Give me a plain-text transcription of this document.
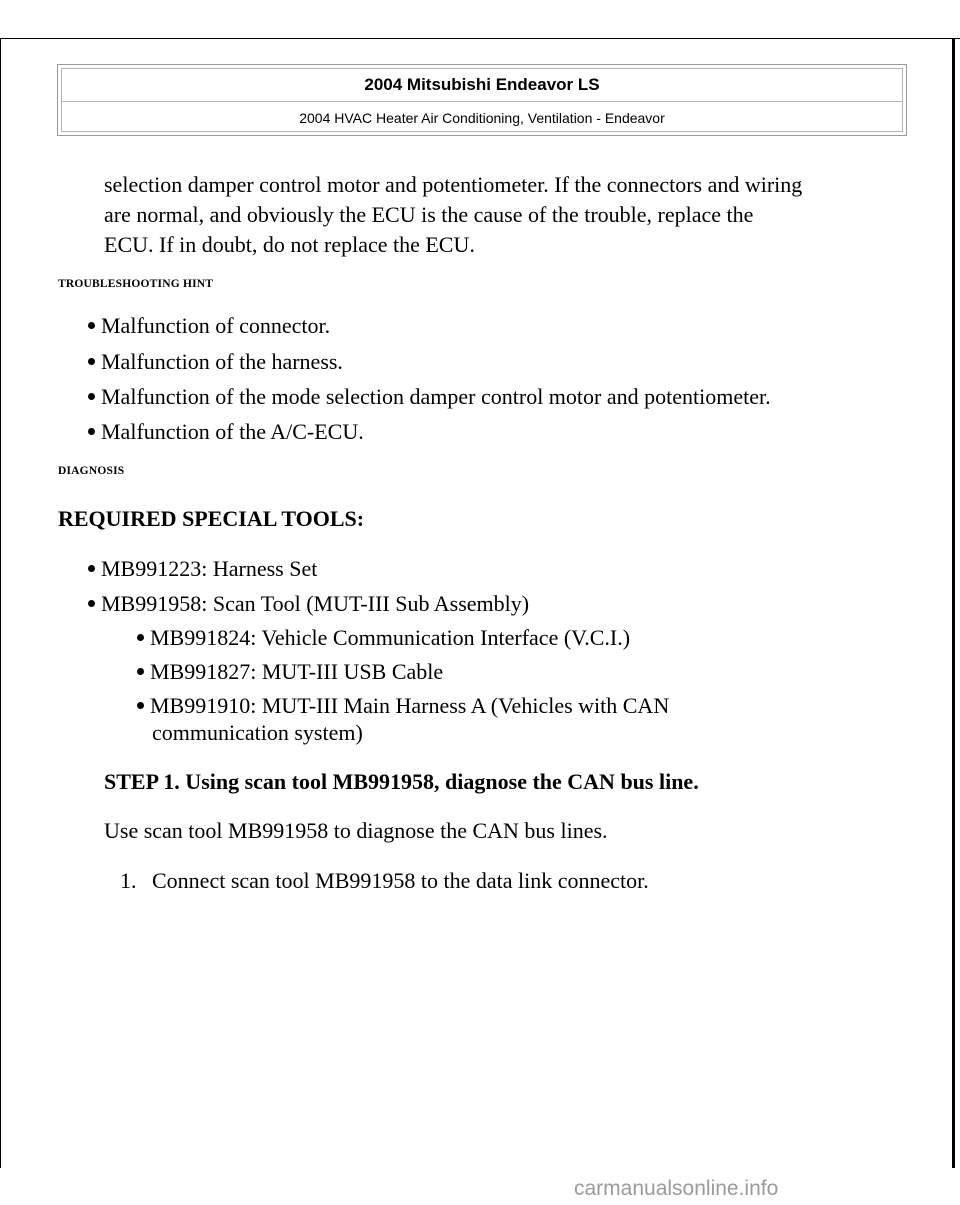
2004 Mitsubishi Endeavor LS
2004 HVAC Heater Air Conditioning, Ventilation - Endeavor
selection damper control motor and potentiometer. If the connectors and wiring
are normal, and obviously the ECU is the cause of the trouble, replace the
ECU. If in doubt, do not replace the ECU.
TROUBLESHOOTING HINT
Malfunction of connector.
Malfunction of the harness.
Malfunction of the mode selection damper control motor and potentiometer.
Malfunction of the A/C-ECU.
DIAGNOSIS
REQUIRED SPECIAL TOOLS:
MB991223: Harness Set
MB991958: Scan Tool (MUT-III Sub Assembly)
MB991824: Vehicle Communication Interface (V.C.I.)
MB991827: MUT-III USB Cable
MB991910: MUT-III Main Harness A (Vehicles with CAN
communication system)
STEP 1. Using scan tool MB991958, diagnose the CAN bus line.
Use scan tool MB991958 to diagnose the CAN bus lines.
1. Connect scan tool MB991958 to the data link connector.
carmanualsonline.info
